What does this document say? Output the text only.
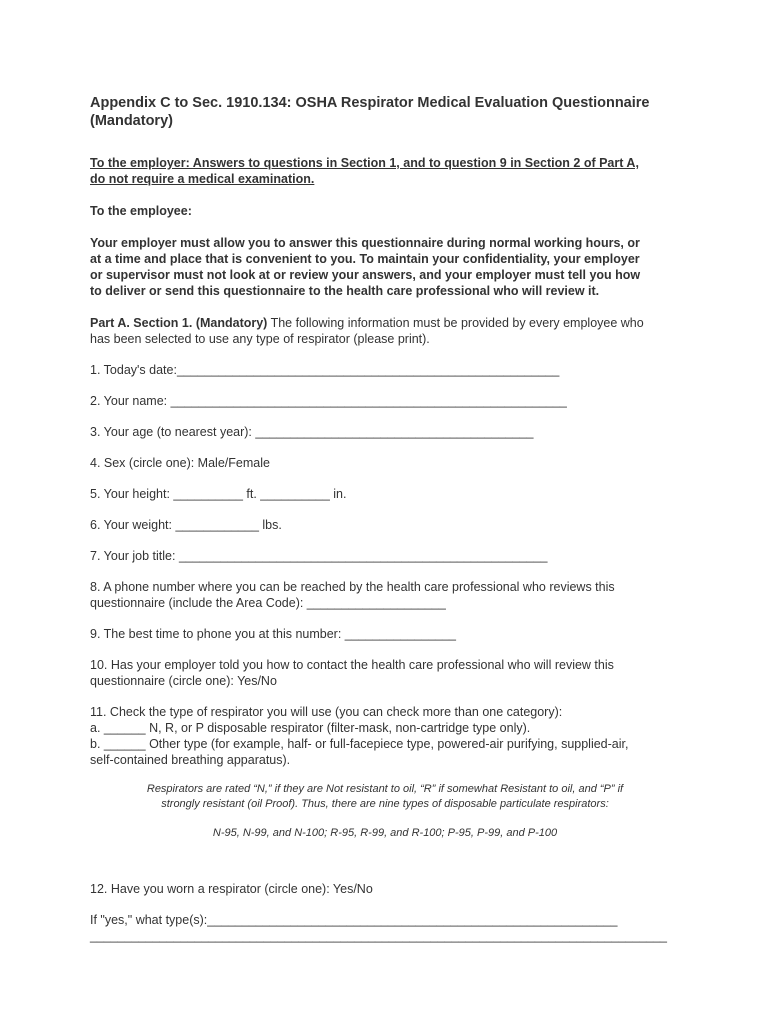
Appendix C to Sec. 1910.134: OSHA Respirator Medical Evaluation Questionnaire
(Mandatory)
To the employer: Answers to questions in Section 1, and to question 9 in Section 2 of Part A,
do not require a medical examination.
To the employee:
Your employer must allow you to answer this questionnaire during normal working hours, or
at a time and place that is convenient to you. To maintain your confidentiality, your employer
or supervisor must not look at or review your answers, and your employer must tell you how
to deliver or send this questionnaire to the health care professional who will review it.
Part A. Section 1. (Mandatory) The following information must be provided by every employee who
has been selected to use any type of respirator (please print).
1. Today's date:_______________________________________________________
2. Your name: _________________________________________________________
3. Your age (to nearest year): ________________________________________
4. Sex (circle one): Male/Female
5. Your height: __________ ft. __________ in.
6. Your weight: ____________ lbs.
7. Your job title: _____________________________________________________
8. A phone number where you can be reached by the health care professional who reviews this
questionnaire (include the Area Code): ____________________
9. The best time to phone you at this number: ________________
10. Has your employer told you how to contact the health care professional who will review this
questionnaire (circle one): Yes/No
11. Check the type of respirator you will use (you can check more than one category):
a. ______ N, R, or P disposable respirator (filter-mask, non-cartridge type only).
b. ______ Other type (for example, half- or full-facepiece type, powered-air purifying, supplied-air,
self-contained breathing apparatus).
Respirators are rated “N,” if they are Not resistant to oil, “R” if somewhat Resistant to oil, and “P” if
strongly resistant (oil Proof). Thus, there are nine types of disposable particulate respirators:
N-95, N-99, and N-100; R-95, R-99, and R-100; P-95, P-99, and P-100
12. Have you worn a respirator (circle one): Yes/No
If "yes," what type(s):___________________________________________________________
___________________________________________________________________________________
